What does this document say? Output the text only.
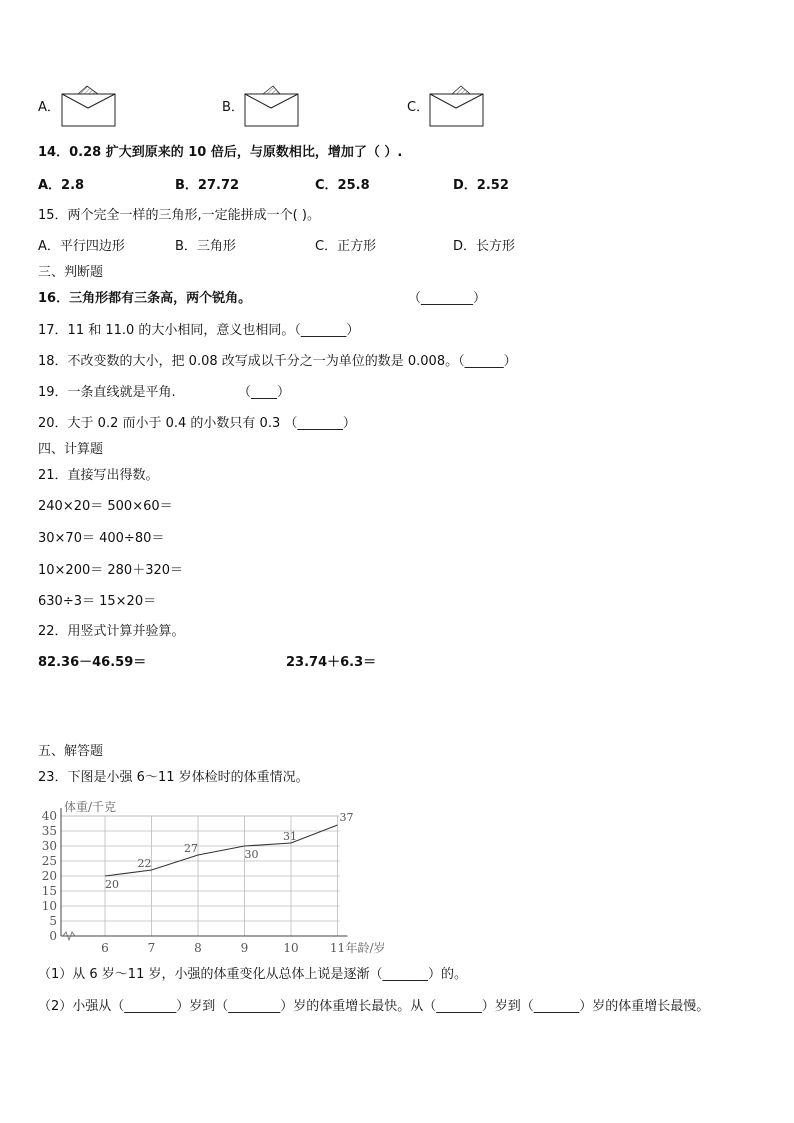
A．	B．	C．
14．0.28 扩大到原来的 10 倍后，与原数相比，增加了（ ）.
A．2.8	B．27.72	C．25.8	D．2.52
15．两个完全一样的三角形,一定能拼成一个( )。
A．平行四边形	B．三角形	C．正方形	D．长方形
三、判断题
16．三角形都有三条高，两个锐角。	（________）
17．11 和 11.0 的大小相同，意义也相同。（_______）
18．不改变数的大小，把 0.08 改写成以千分之一为单位的数是 0.008。（______）
19．一条直线就是平角.	（____）
20．大于 0.2 而小于 0.4 的小数只有 0.3 （_______）
四、计算题
21．直接写出得数。
240×20＝ 500×60＝
30×70＝ 400÷80＝
10×200＝ 280＋320＝
630÷3＝ 15×20＝
22．用竖式计算并验算。
82.36－46.59＝	23.74＋6.3＝
五、解答题
23．下图是小强 6～11 岁体检时的体重情况。
0
5
10
15
20
25
30
35
40
6	7	8	9	10	11
体重/千克
年龄/岁
20
22
27	30
31
37
（1）从 6 岁～11 岁，小强的体重变化从总体上说是逐渐（_______）的。
（2）小强从（________）岁到（________）岁的体重增长最快。从（_______）岁到（_______）岁的体重增长最慢。
